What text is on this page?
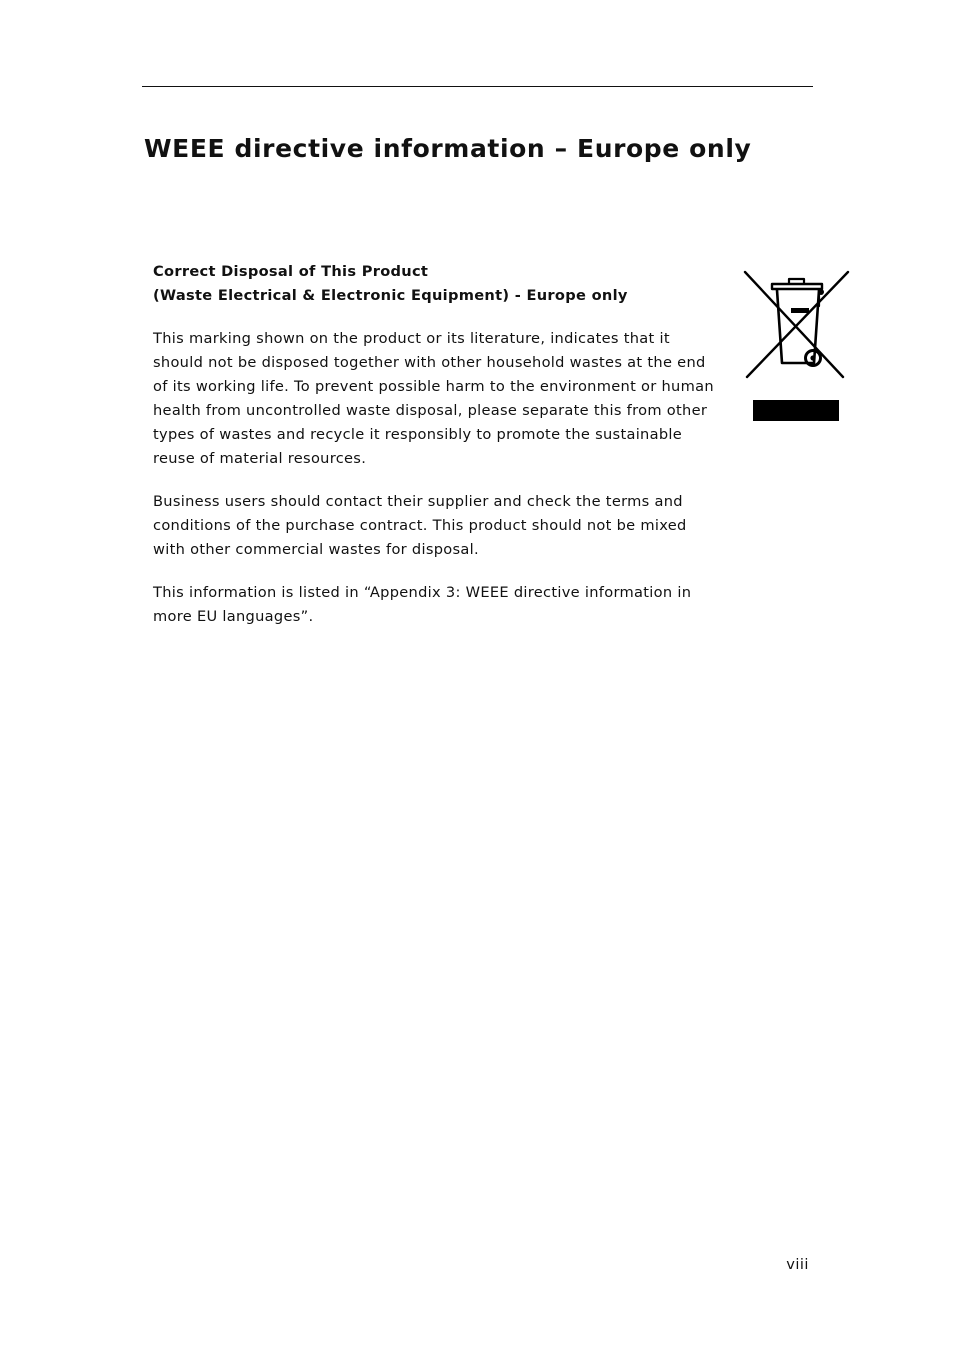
WEEE directive information – Europe only

Correct Disposal of This Product

(Waste Electrical & Electronic Equipment) - Europe only

This marking shown on the product or its literature, indicates that it
should not be disposed together with other household wastes at the end
of its working life. To prevent possible harm to the environment or human
health from uncontrolled waste disposal, please separate this from other
types of wastes and recycle it responsibly to promote the sustainable
reuse of material resources.

Business users should contact their supplier and check the terms and
conditions of the purchase contract. This product should not be mixed
with other commercial wastes for disposal.

This information is listed in “Appendix 3: WEEE directive information in
more EU languages”.

viii
